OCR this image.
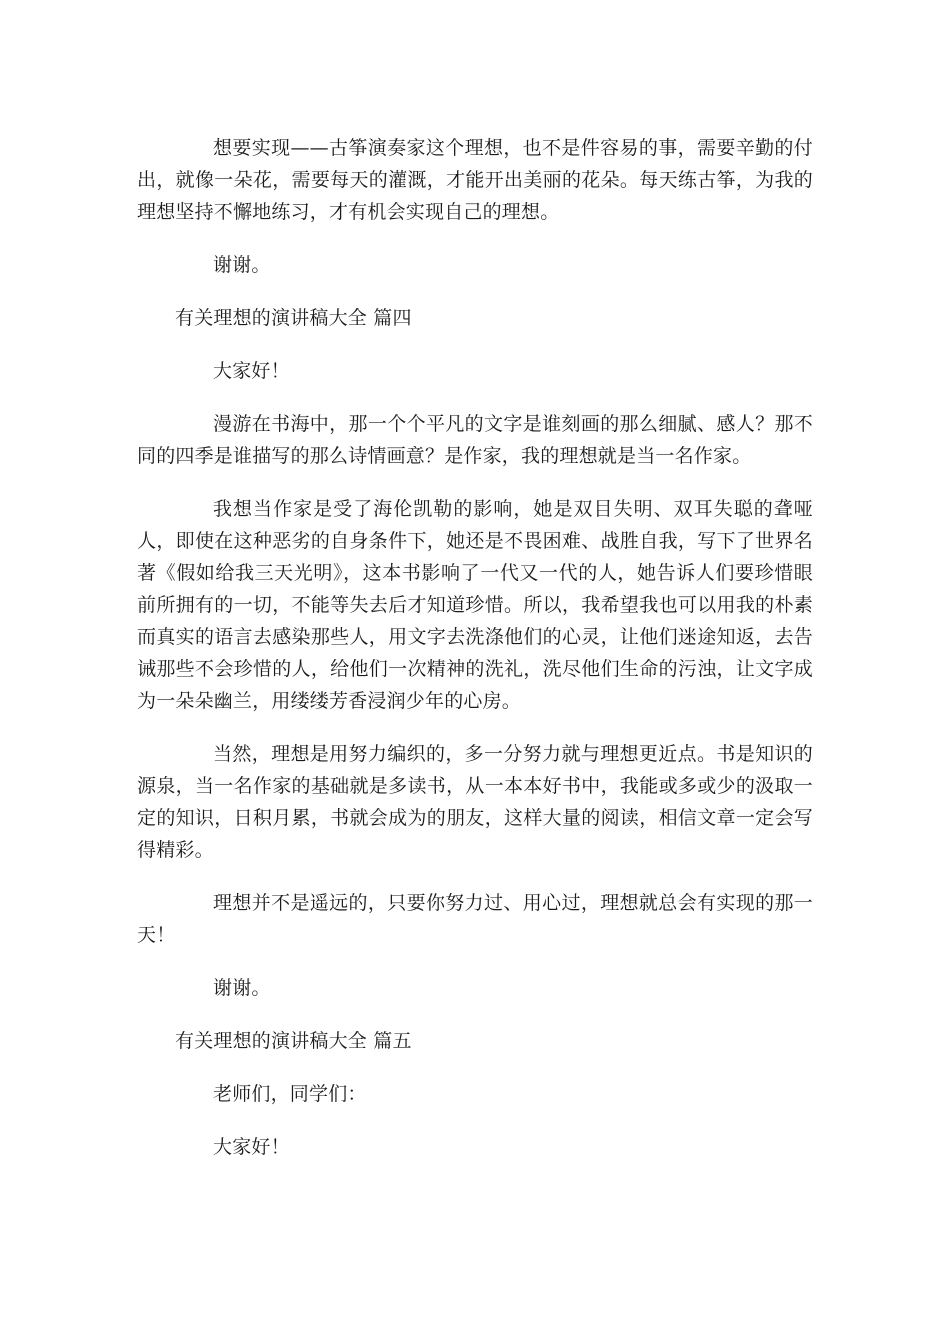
想要实现——古筝演奏家这个理想，也不是件容易的事，需要辛勤的付出，就像一朵花，需要每天的灌溉，才能开出美丽的花朵。每天练古筝，为我的理想坚持不懈地练习，才有机会实现自己的理想。

谢谢。

有关理想的演讲稿大全 篇四

大家好！

漫游在书海中，那一个个平凡的文字是谁刻画的那么细腻、感人？那不同的四季是谁描写的那么诗情画意？是作家，我的理想就是当一名作家。

我想当作家是受了海伦凯勒的影响，她是双目失明、双耳失聪的聋哑人，即使在这种恶劣的自身条件下，她还是不畏困难、战胜自我，写下了世界名著《假如给我三天光明》，这本书影响了一代又一代的人，她告诉人们要珍惜眼前所拥有的一切，不能等失去后才知道珍惜。所以，我希望我也可以用我的朴素而真实的语言去感染那些人，用文字去洗涤他们的心灵，让他们迷途知返，去告诫那些不会珍惜的人，给他们一次精神的洗礼，洗尽他们生命的污浊，让文字成为一朵朵幽兰，用缕缕芳香浸润少年的心房。

当然，理想是用努力编织的，多一分努力就与理想更近点。书是知识的源泉，当一名作家的基础就是多读书，从一本本好书中，我能或多或少的汲取一定的知识，日积月累，书就会成为的朋友，这样大量的阅读，相信文章一定会写得精彩。

理想并不是遥远的，只要你努力过、用心过，理想就总会有实现的那一天！

谢谢。

有关理想的演讲稿大全 篇五

老师们，同学们：

大家好！
